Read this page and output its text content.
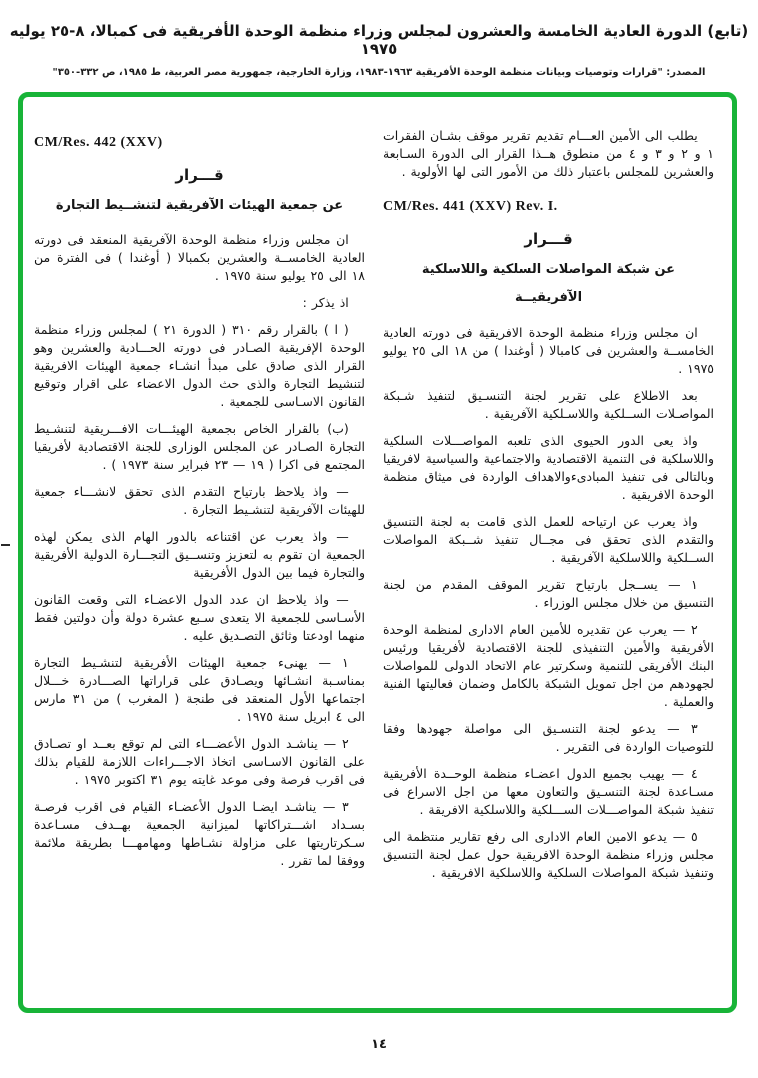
(تابع) الدورة العادية الخامسة والعشرون لمجلس وزراء منظمة الوحدة الأفريقية فى كمبالا، ٨-٢٥ يوليه ١٩٧٥
المصدر: "قرارات وتوصيات وبيانات منظمة الوحدة الأفريقية ١٩٦٣-١٩٨٣، وزارة الخارجية، جمهورية مصر العربية، ط ١٩٨٥، ص ٣٣٢-٣٥٠"

يطلب الى الأمين العـــام تقديم تقرير موقف بشـان الفقرات ١ و ٢ و ٣ و ٤ من منطوق هــذا القرار الى الدورة السـابعة والعشرين للمجلس باعتبار ذلك من الأمور التى لها الأولوية .

CM/Res. 441 (XXV) Rev. I.
قـــرار
عن شبكة المواصلات السلكية واللاسلكية
الآفريقيــة

ان مجلس وزراء منظمة الوحدة الافريقية فى دورته العادية الخامســة والعشرين فى كامبالا ( أوغندا ) من ١٨ الى ٢٥ يوليو ١٩٧٥ .

بعد الاطلاع على تقرير لجنة التنسـيق لتنفيذ شـبكة المواصـلات الســلكية واللاسـلكية الآفريقية .

واذ يعى الدور الحيوى الذى تلعبه المواصـــلات السلكية واللاسلكية فى التنمية الاقتصادية والاجتماعية والسياسية لافريقيا وبالتالى فى تنفيذ المبادىءوالاهداف الواردة فى ميثاق منظمة الوحدة الافريقية .

واذ يعرب عن ارتياحه للعمل الذى قامت به لجنة التنسيق والتقدم الذى تحقق فى مجــال تنفيذ شــبكة المواصلات الســلكية واللاسلكية الآفريقية .

١ — يســجل بارتياح تقرير الموقف المقدم من لجنة التنسيق من خلال مجلس الوزراء .

٢ — يعرب عن تقديره للأمين العام الادارى لمنظمة الوحدة الأفريقية والأمين التنفيذى للجنة الاقتصادية لأفريقيا ورئيس البنك الأفريقى للتنمية وسكرتير عام الاتحاد الدولى للمواصلات لجهودهم من اجل تمويل الشبكة بالكامل وضمان فعاليتها الفنية والعملية .

٣ — يدعو لجنة التنسـيق الى مواصلة جهودها وفقا للتوصيات الواردة فى التقرير .

٤ — يهيب بجميع الدول اعضـاء منظمة الوحــدة الأفريقية مسـاعدة لجنة التنسـيق والتعاون معها من اجل الاسراع فى تنفيذ شبكة المواصـــلات الســـلكية واللاسلكية الافريقة .

٥ — يدعو الامين العام الادارى الى رفع تقارير منتظمة الى مجلس وزراء منظمة الوحدة الافريقية حول عمل لجنة التنسيق وتنفيذ شبكة المواصلات السلكية واللاسلكية الافريقية .

CM/Res. 442 (XXV)
قـــرار
عن جمعية الهيئات الآفريقية لتنشــيط التجارة

ان مجلس وزراء منظمة الوحدة الآفريقية المنعقد فى دورته العادية الخامســة والعشرين بكمبالا ( أوغندا ) فى الفترة من ١٨ الى ٢٥ يوليو سنة ١٩٧٥ .

اذ يذكر :

( ا ) بالقرار رقم ٣١٠ ( الدورة ٢١ ) لمجلس وزراء منظمة الوحدة الإفريقية الصـادر فى دورته الحـــادية والعشرين وهو القرار الذى صادق على مبدأ انشـاء جمعية الهيئات الافريقية لتنشيط التجارة والذى حث الدول الاعضاء على اقرار وتوقيع القانون الاسـاسى للجمعية .

(ب) بالقرار الخاص بجمعية الهيئـــات الافـــريقية لتنشـيط التجارة الصـادر عن المجلس الوزارى للجنة الاقتصادية لأفريقيا المجتمع فى اكرا ( ١٩ — ٢٣ فبراير سنة ١٩٧٣ ) .

— واذ يلاحظ بارتياح التقدم الذى تحقق لانشـــاء جمعية للهيئات الآفريقية لتنشـيط التجارة .

— واذ يعرب عن اقتناعه بالدور الهام الذى يمكن لهذه الجمعية ان تقوم به لتعزيز وتنســيق التجـــارة الدولية الأفريقية والتجارة فيما بين الدول الأفريقية

— واذ يلاحظ ان عدد الدول الاعضـاء التى وقعت القانون الأسـاسى للجمعية الا يتعدى سـبع عشرة دولة وأن دولتين فقط منهما اودعتا وثائق التصـديق عليه .

١ — يهنىء جمعية الهيئات الأفريقية لتنشـيط التجارة بمناسـبة انشـائها ويصـادق على قراراتها الصـــادرة خـــلال اجتماعها الأول المنعقد فى طنجة ( المغرب ) من ٣١ مارس الى ٤ ابريل سنة ١٩٧٥ .

٢ — يناشـد الدول الأعضـــاء التى لم توقع بعــد او تصـادق على القانون الاسـاسى اتخاذ الاجـــراءات اللازمة للقيام بذلك فى اقرب فرصة وفى موعد غايته يوم ٣١ اكتوبر ١٩٧٥ .

٣ — يناشـد ايضـا الدول الأعضـاء القيام فى اقرب فرصـة بسـداد اشـــتراكاتها لميزانية الجمعية بهــدف مسـاعدة سـكرتاريتها على مزاولة نشـاطها ومهامهـــا بطريقة ملائمة ووفقا لما تقرر .

١٤
